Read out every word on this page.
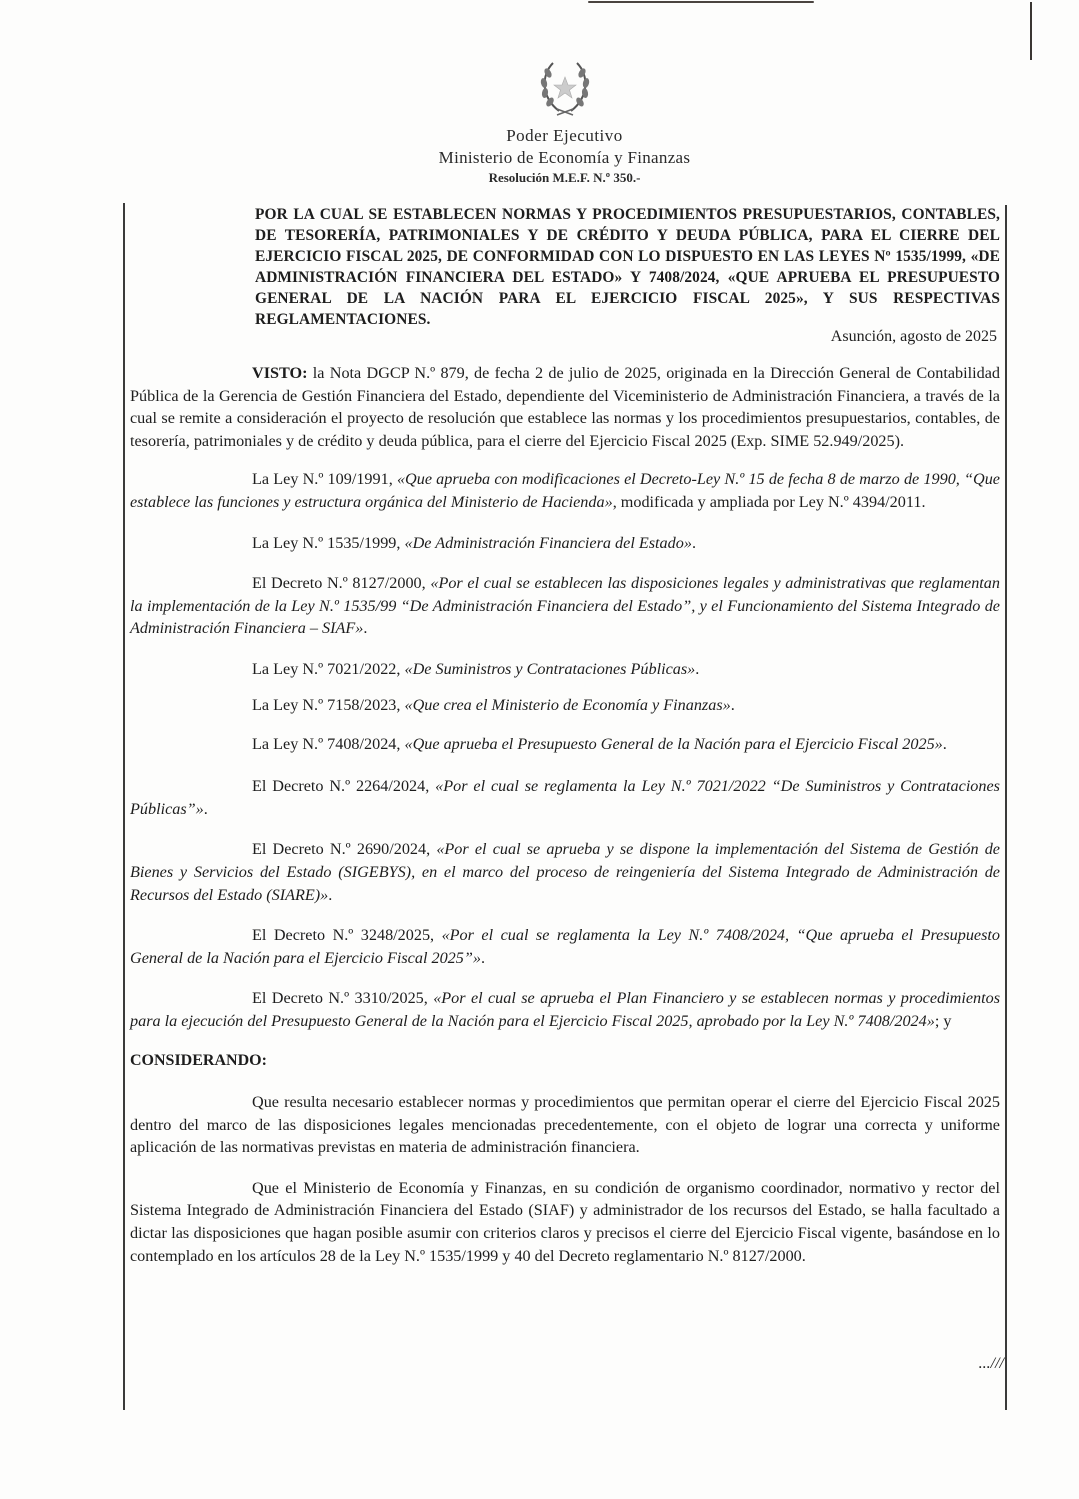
Poder Ejecutivo
Ministerio de Economía y Finanzas
Resolución M.E.F. N.º 350.-
POR LA CUAL SE ESTABLECEN NORMAS Y PROCEDIMIENTOS PRESUPUESTARIOS, CONTABLES, DE TESORERÍA, PATRIMONIALES Y DE CRÉDITO Y DEUDA PÚBLICA, PARA EL CIERRE DEL EJERCICIO FISCAL 2025, DE CONFORMIDAD CON LO DISPUESTO EN LAS LEYES Nº 1535/1999, «DE ADMINISTRACIÓN FINANCIERA DEL ESTADO» Y 7408/2024, «QUE APRUEBA EL PRESUPUESTO GENERAL DE LA NACIÓN PARA EL EJERCICIO FISCAL 2025», Y SUS RESPECTIVAS REGLAMENTACIONES.
Asunción, agosto de 2025

VISTO: la Nota DGCP N.º 879, de fecha 2 de julio de 2025, originada en la Dirección General de Contabilidad Pública de la Gerencia de Gestión Financiera del Estado, dependiente del Viceministerio de Administración Financiera, a través de la cual se remite a consideración el proyecto de resolución que establece las normas y los procedimientos presupuestarios, contables, de tesorería, patrimoniales y de crédito y deuda pública, para el cierre del Ejercicio Fiscal 2025 (Exp. SIME 52.949/2025).

La Ley N.º 109/1991, «Que aprueba con modificaciones el Decreto-Ley N.º 15 de fecha 8 de marzo de 1990, “Que establece las funciones y estructura orgánica del Ministerio de Hacienda», modificada y ampliada por Ley N.º 4394/2011.

La Ley N.º 1535/1999, «De Administración Financiera del Estado».

El Decreto N.º 8127/2000, «Por el cual se establecen las disposiciones legales y administrativas que reglamentan la implementación de la Ley N.º 1535/99 “De Administración Financiera del Estado”, y el Funcionamiento del Sistema Integrado de Administración Financiera – SIAF».

La Ley N.º 7021/2022, «De Suministros y Contrataciones Públicas».

La Ley N.º 7158/2023, «Que crea el Ministerio de Economía y Finanzas».

La Ley N.º 7408/2024, «Que aprueba el Presupuesto General de la Nación para el Ejercicio Fiscal 2025».

El Decreto N.º 2264/2024, «Por el cual se reglamenta la Ley N.º 7021/2022 “De Suministros y Contrataciones Públicas”».

El Decreto N.º 2690/2024, «Por el cual se aprueba y se dispone la implementación del Sistema de Gestión de Bienes y Servicios del Estado (SIGEBYS), en el marco del proceso de reingeniería del Sistema Integrado de Administración de Recursos del Estado (SIARE)».

El Decreto N.º 3248/2025, «Por el cual se reglamenta la Ley N.º 7408/2024, “Que aprueba el Presupuesto General de la Nación para el Ejercicio Fiscal 2025”».

El Decreto N.º 3310/2025, «Por el cual se aprueba el Plan Financiero y se establecen normas y procedimientos para la ejecución del Presupuesto General de la Nación para el Ejercicio Fiscal 2025, aprobado por la Ley N.º 7408/2024»; y

CONSIDERANDO:

Que resulta necesario establecer normas y procedimientos que permitan operar el cierre del Ejercicio Fiscal 2025 dentro del marco de las disposiciones legales mencionadas precedentemente, con el objeto de lograr una correcta y uniforme aplicación de las normativas previstas en materia de administración financiera.

Que el Ministerio de Economía y Finanzas, en su condición de organismo coordinador, normativo y rector del Sistema Integrado de Administración Financiera del Estado (SIAF) y administrador de los recursos del Estado, se halla facultado a dictar las disposiciones que hagan posible asumir con criterios claros y precisos el cierre del Ejercicio Fiscal vigente, basándose en lo contemplado en los artículos 28 de la Ley N.º 1535/1999 y 40 del Decreto reglamentario N.º 8127/2000.

...///
